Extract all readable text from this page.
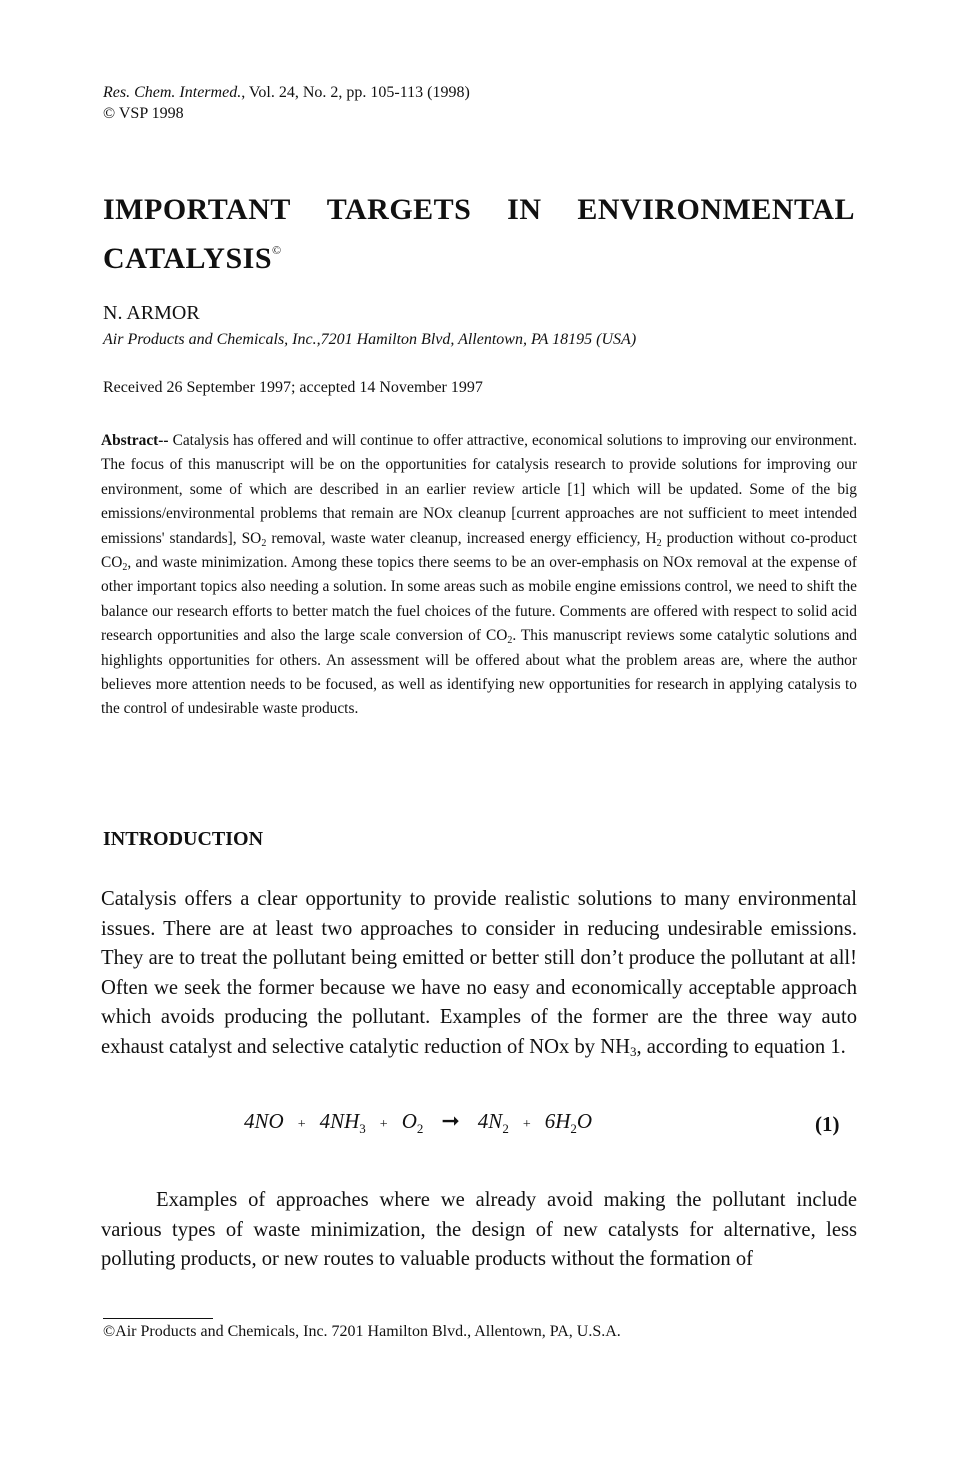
Res. Chem. Intermed., Vol. 24, No. 2, pp. 105-113 (1998)
© VSP 1998
IMPORTANT TARGETS IN ENVIRONMENTAL
CATALYSIS©
N. ARMOR
Air Products and Chemicals, Inc.,7201 Hamilton Blvd, Allentown, PA 18195 (USA)
Received 26 September 1997; accepted 14 November 1997
Abstract-- Catalysis has offered and will continue to offer attractive, economical solutions to improving our environment. The focus of this manuscript will be on the opportunities for catalysis research to provide solutions for improving our environment, some of which are described in an earlier review article [1] which will be updated. Some of the big emissions/environmental problems that remain are NOx cleanup [current approaches are not sufficient to meet intended emissions' standards], $SO_2$ removal, waste water cleanup, increased energy efficiency, $H_2$ production without co-product $CO_2$, and waste minimization. Among these topics there seems to be an over-emphasis on NOx removal at the expense of other important topics also needing a solution. In some areas such as mobile engine emissions control, we need to shift the balance our research efforts to better match the fuel choices of the future. Comments are offered with respect to solid acid research opportunities and also the large scale conversion of $CO_2$. This manuscript reviews some catalytic solutions and highlights opportunities for others. An assessment will be offered about what the problem areas are, where the author believes more attention needs to be focused, as well as identifying new opportunities for research in applying catalysis to the control of undesirable waste products.
INTRODUCTION
Catalysis offers a clear opportunity to provide realistic solutions to many environmental issues. There are at least two approaches to consider in reducing undesirable emissions. They are to treat the pollutant being emitted or better still don’t produce the pollutant at all! Often we seek the former because we have no easy and economically acceptable approach which avoids producing the pollutant. Examples of the former are the three way auto exhaust catalyst and selective catalytic reduction of NOx by $NH_3$, according to equation 1.
$4NO + 4NH_3 + O_2$ ➞ $4N_2 + 6H_2O$	(1)
Examples of approaches where we already avoid making the pollutant include various types of waste minimization, the design of new catalysts for alternative, less polluting products, or new routes to valuable products without the formation of
©Air Products and Chemicals, Inc. 7201 Hamilton Blvd., Allentown, PA, U.S.A.
